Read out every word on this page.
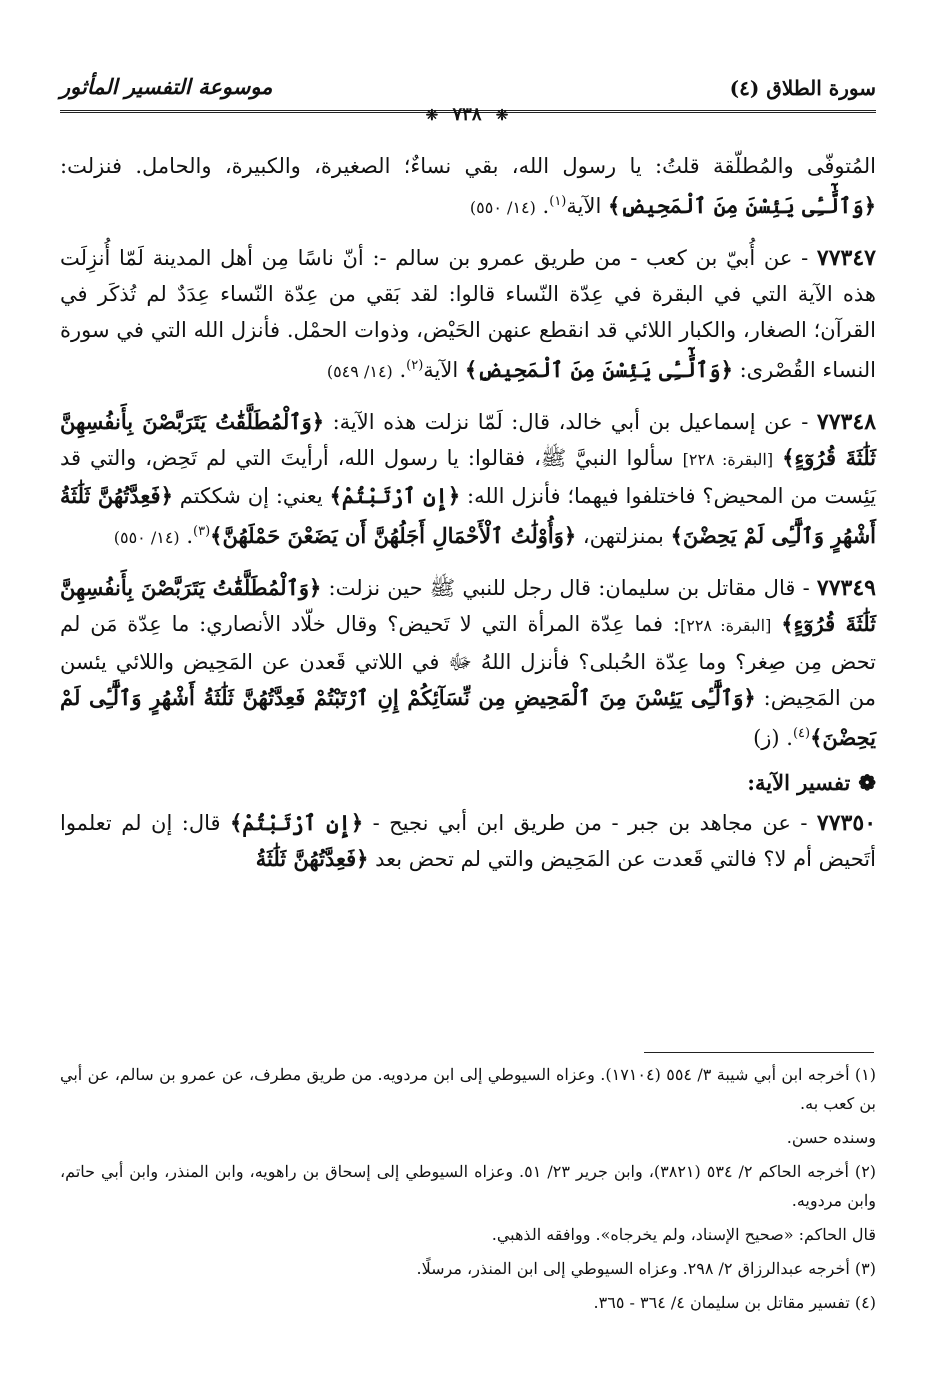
سورة الطلاق (٤)
موسوعة التفسير المأثور
❈ ٧٣٨ ❈

المُتوفّى والمُطلّقة قلتُ: يا رسول الله، بقي نساءٌ؛ الصغيرة، والكبيرة، والحامل. فنزلت: ﴿وَٱلَّٰٓـِٔى يَئِسْنَ مِنَ ٱلْمَحِيضِ﴾ الآية$^{(١)}$. (١٤/ ٥٥٠)

٧٧٣٤٧ - عن أُبيّ بن كعب - من طريق عمرو بن سالم -: أنّ ناسًا مِن أهل المدينة لَمّا أُنزِلَت هذه الآية التي في البقرة في عِدّة النّساء قالوا: لقد بَقي من عِدّة النّساء عِدَدٌ لم تُذكَر في القرآن؛ الصغار، والكبار اللائي قد انقطع عنهن الحَيْض، وذوات الحمْل. فأنزل الله التي في سورة النساء القُصْرى: ﴿وَٱلَّٰٓـِٔى يَئِسْنَ مِنَ ٱلْمَحِيضِ﴾ الآية$^{(٢)}$. (١٤/ ٥٤٩)

٧٧٣٤٨ - عن إسماعيل بن أبي خالد، قال: لَمّا نزلت هذه الآية: ﴿وَٱلْمُطَلَّقَٰتُ يَتَرَبَّصْنَ بِأَنفُسِهِنَّ ثَلَٰثَةَ قُرُوٓءٍ﴾ [البقرة: ٢٢٨] سألوا النبيَّ ﷺ، فقالوا: يا رسول الله، أرأيتَ التي لم تَحِض، والتي قد يَئِست من المحيض؟ فاختلفوا فيهما؛ فأنزل الله: ﴿إِنِ ٱرْتَبْتُمْ﴾ يعني: إن شككتم ﴿فَعِدَّتُهُنَّ ثَلَٰثَةُ أَشْهُرٍ وَٱلَّٰٓـِٔى لَمْ يَحِضْنَ﴾ بمنزلتهن، ﴿وَأُوْلَٰتُ ٱلْأَحْمَالِ أَجَلُهُنَّ أَن يَضَعْنَ حَمْلَهُنَّ﴾$^{(٣)}$. (١٤/ ٥٥٠)

٧٧٣٤٩ - قال مقاتل بن سليمان: قال رجل للنبي ﷺ حين نزلت: ﴿وَٱلْمُطَلَّقَٰتُ يَتَرَبَّصْنَ بِأَنفُسِهِنَّ ثَلَٰثَةَ قُرُوٓءٍ﴾ [البقرة: ٢٢٨]: فما عِدّة المرأة التي لا تَحيض؟ وقال خلّاد الأنصاري: ما عِدّة مَن لم تحض مِن صِغر؟ وما عِدّة الحُبلى؟ فأنزل اللهُ ﷻ في اللاتي قَعدن عن المَحِيض واللائي يئسن من المَحِيض: ﴿وَٱلَّٰٓـِٔى يَئِسْنَ مِنَ ٱلْمَحِيضِ مِن نِّسَآئِكُمْ إِنِ ٱرْتَبْتُمْ فَعِدَّتُهُنَّ ثَلَٰثَةُ أَشْهُرٍ وَٱلَّٰٓـِٔى لَمْ يَحِضْنَ﴾$^{(٤)}$. (ز)

❁تفسير الآية:

٧٧٣٥٠ - عن مجاهد بن جبر - من طريق ابن أبي نجيح - ﴿إِنِ ٱرْتَبْتُمْ﴾ قال: إن لم تعلموا أتَحيض أم لا؟ فالتي قَعدت عن المَحِيض والتي لم تحض بعد ﴿فَعِدَّتُهُنَّ ثَلَٰثَةُ

(١) أخرجه ابن أبي شيبة ٣/ ٥٥٤ (١٧١٠٤). وعزاه السيوطي إلى ابن مردويه. من طريق مطرف، عن عمرو بن سالم، عن أبي بن كعب به.

وسنده حسن.

(٢) أخرجه الحاكم ٢/ ٥٣٤ (٣٨٢١)، وابن جرير ٢٣/ ٥١. وعزاه السيوطي إلى إسحاق بن راهويه، وابن المنذر، وابن أبي حاتم، وابن مردويه.

قال الحاكم: «صحيح الإسناد، ولم يخرجاه». ووافقه الذهبي.

(٣) أخرجه عبدالرزاق ٢/ ٢٩٨. وعزاه السيوطي إلى ابن المنذر، مرسلًا.

(٤) تفسير مقاتل بن سليمان ٤/ ٣٦٤ - ٣٦٥.
